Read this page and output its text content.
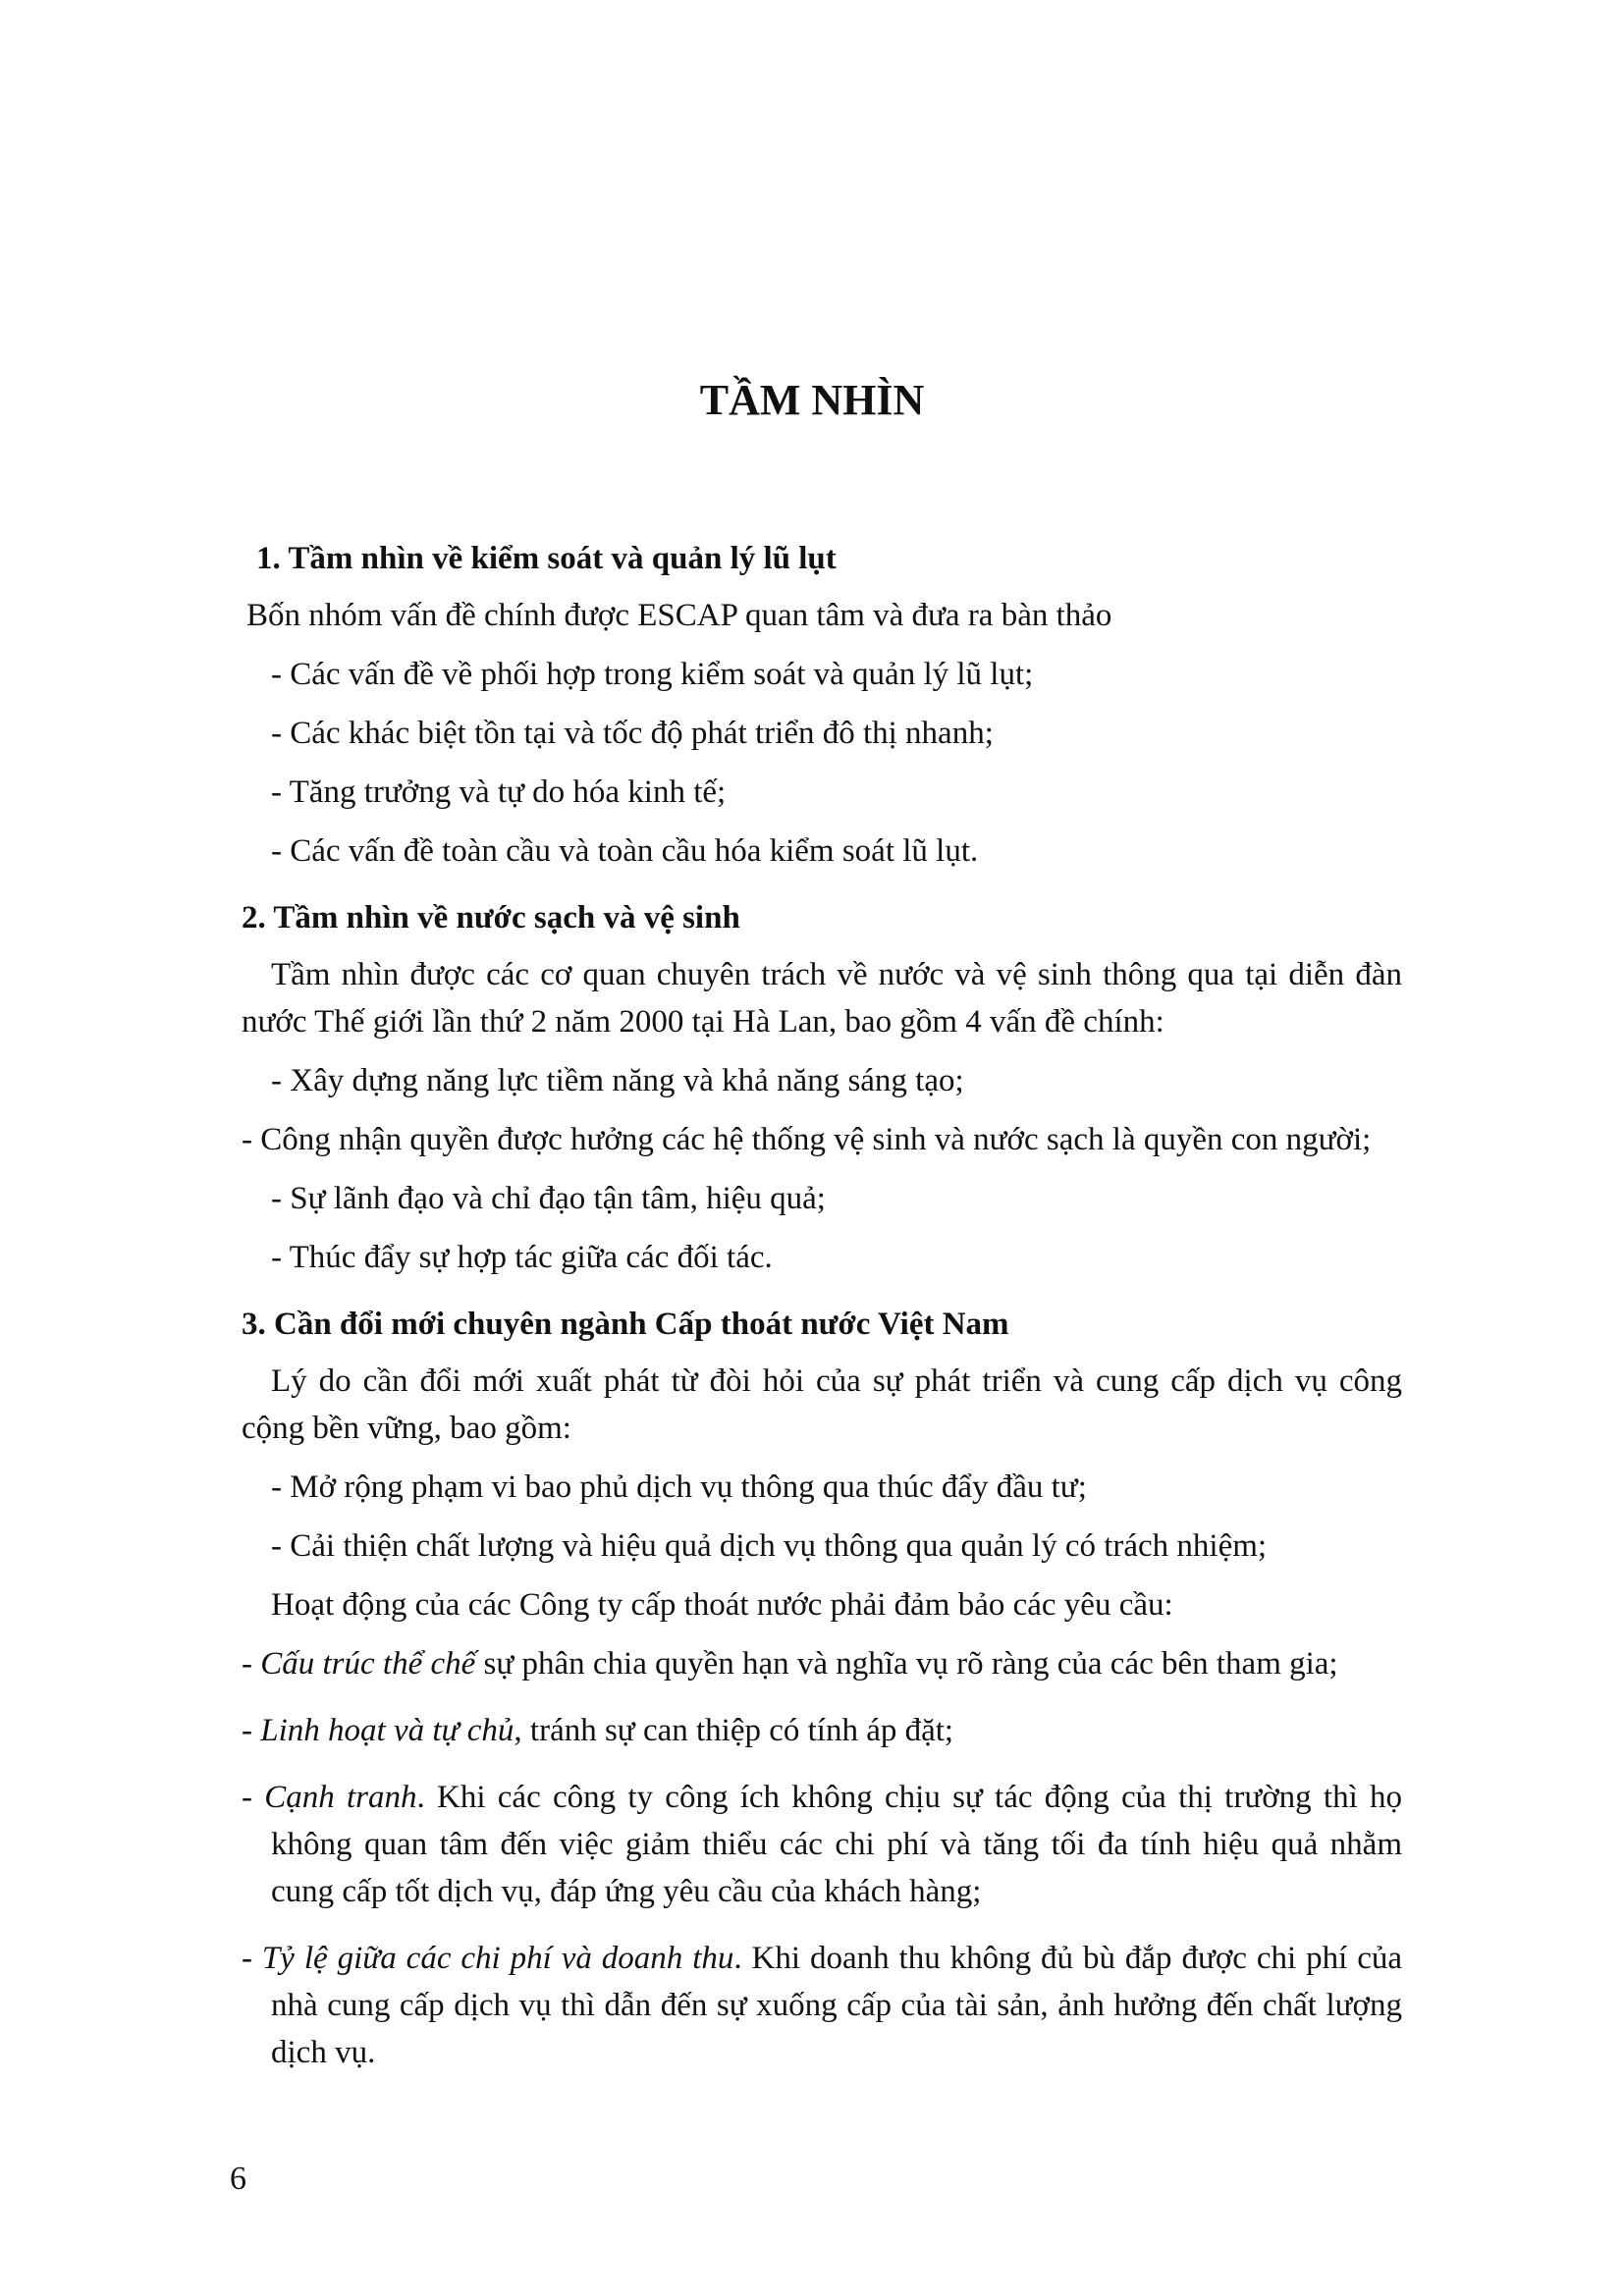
TẦM NHÌN

1. Tầm nhìn về kiểm soát và quản lý lũ lụt

Bốn nhóm vấn đề chính được ESCAP quan tâm và đưa ra bàn thảo

- Các vấn đề về phối hợp trong kiểm soát và quản lý lũ lụt;

- Các khác biệt tồn tại và tốc độ phát triển đô thị nhanh;

- Tăng trưởng và tự do hóa kinh tế;

- Các vấn đề toàn cầu và toàn cầu hóa kiểm soát lũ lụt.

2. Tầm nhìn về nước sạch và vệ sinh

Tầm nhìn được các cơ quan chuyên trách về nước và vệ sinh thông qua tại diễn đàn nước Thế giới lần thứ 2 năm 2000 tại Hà Lan, bao gồm 4 vấn đề chính:

- Xây dựng năng lực tiềm năng và khả năng sáng tạo;

- Công nhận quyền được hưởng các hệ thống vệ sinh và nước sạch là quyền con người;

- Sự lãnh đạo và chỉ đạo tận tâm, hiệu quả;

- Thúc đẩy sự hợp tác giữa các đối tác.

3. Cần đổi mới chuyên ngành Cấp thoát nước Việt Nam

Lý do cần đổi mới xuất phát từ đòi hỏi của sự phát triển và cung cấp dịch vụ công cộng bền vững, bao gồm:

- Mở rộng phạm vi bao phủ dịch vụ thông qua thúc đẩy đầu tư;

- Cải thiện chất lượng và hiệu quả dịch vụ thông qua quản lý có trách nhiệm;

Hoạt động của các Công ty cấp thoát nước phải đảm bảo các yêu cầu:

- Cấu trúc thể chế sự phân chia quyền hạn và nghĩa vụ rõ ràng của các bên tham gia;

- Linh hoạt và tự chủ, tránh sự can thiệp có tính áp đặt;

- Cạnh tranh. Khi các công ty công ích không chịu sự tác động của thị trường thì họ không quan tâm đến việc giảm thiểu các chi phí và tăng tối đa tính hiệu quả nhằm cung cấp tốt dịch vụ, đáp ứng yêu cầu của khách hàng;

- Tỷ lệ giữa các chi phí và doanh thu. Khi doanh thu không đủ bù đắp được chi phí của nhà cung cấp dịch vụ thì dẫn đến sự xuống cấp của tài sản, ảnh hưởng đến chất lượng dịch vụ.

6
